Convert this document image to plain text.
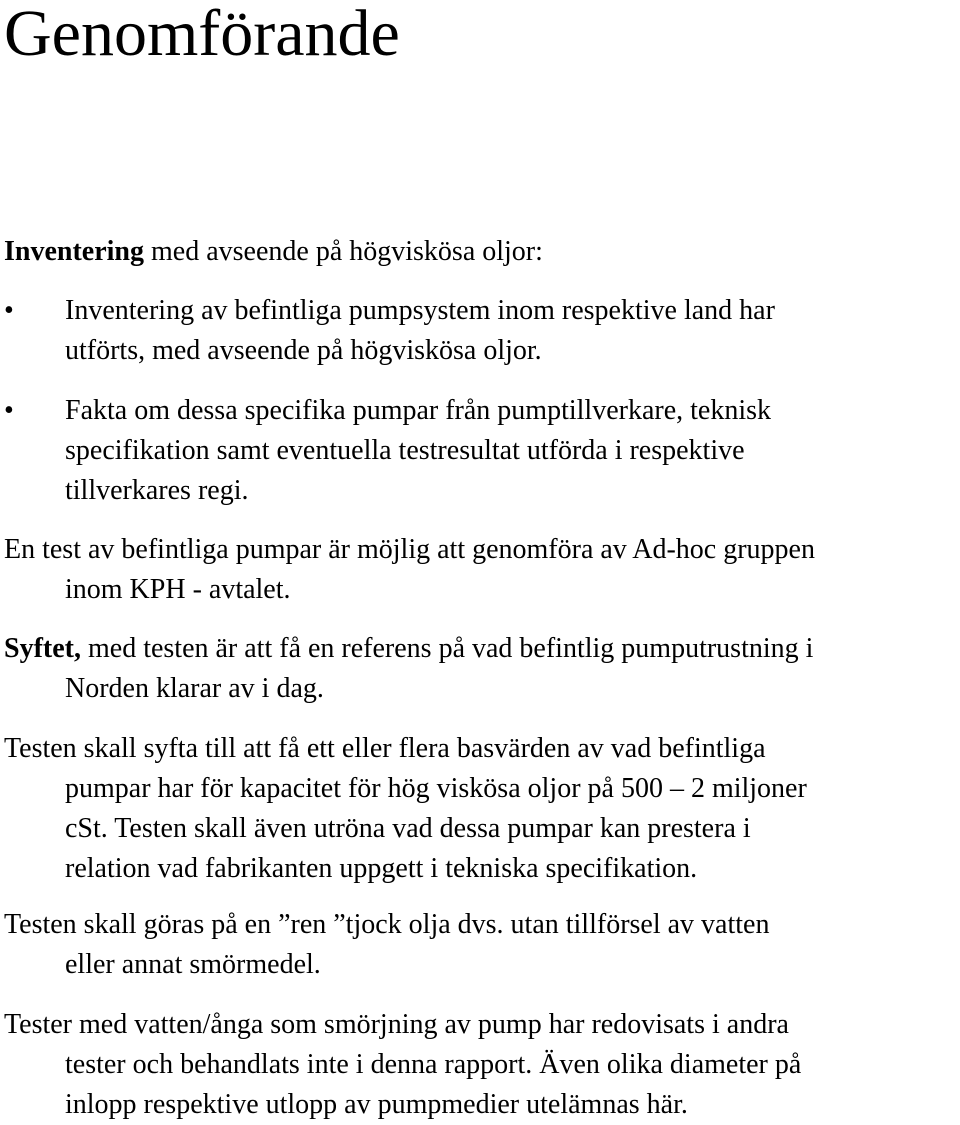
Genomförande

Inventering med avseende på högviskösa oljor:

• Inventering av befintliga pumpsystem inom respektive land har
utförts, med avseende på högviskösa oljor.
• Fakta om dessa specifika pumpar från pumptillverkare, teknisk
specifikation samt eventuella testresultat utförda i respektive
tillverkares regi.

En test av befintliga pumpar är möjlig att genomföra av Ad-hoc gruppen
inom KPH - avtalet.

Syftet, med testen är att få en referens på vad befintlig pumputrustning i
Norden klarar av i dag.

Testen skall syfta till att få ett eller flera basvärden av vad befintliga
pumpar har för kapacitet för hög viskösa oljor på 500 – 2 miljoner
cSt. Testen skall även utröna vad dessa pumpar kan prestera i
relation vad fabrikanten uppgett i tekniska specifikation.

Testen skall göras på en ”ren ”tjock olja dvs. utan tillförsel av vatten
eller annat smörmedel.

Tester med vatten/ånga som smörjning av pump har redovisats i andra
tester och behandlats inte i denna rapport. Även olika diameter på
inlopp respektive utlopp av pumpmedier utelämnas här.
